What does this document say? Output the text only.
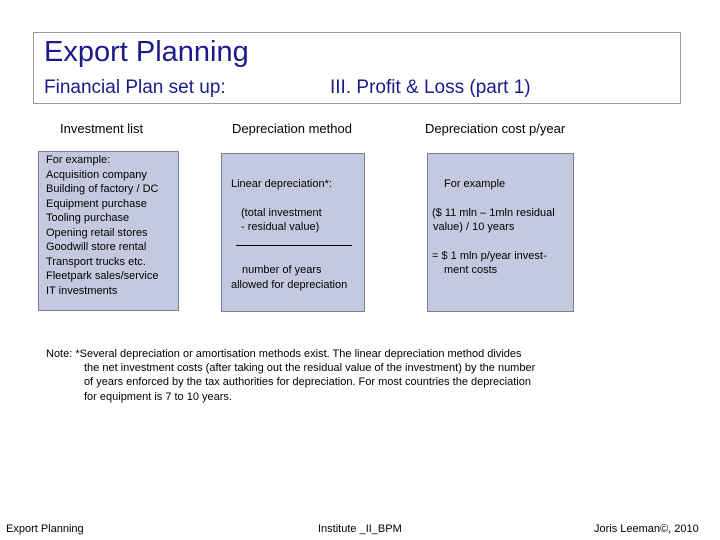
Export Planning
Financial Plan set up:	III. Profit & Loss (part 1)
Investment list	Depreciation method	Depreciation cost p/year
For example:
Acquisition company
Building of factory / DC
Equipment purchase
Tooling purchase
Opening retail stores
Goodwill store rental
Transport trucks etc.
Fleetpark sales/service
IT investments
Linear depreciation*:
(total investment
- residual value)
number of years
allowed for depreciation
For example
($ 11 mln – 1mln residual
value) / 10 years
= $ 1 mln p/year invest-
ment costs
Note: *Several depreciation or amortisation methods exist. The linear depreciation method divides
the net investment costs (after taking out the residual value of the investment) by the number
of years enforced by the tax authorities for depreciation. For most countries the depreciation
for equipment is 7 to 10 years.
Export Planning	Institute _II_BPM	Joris Leeman©, 2010
